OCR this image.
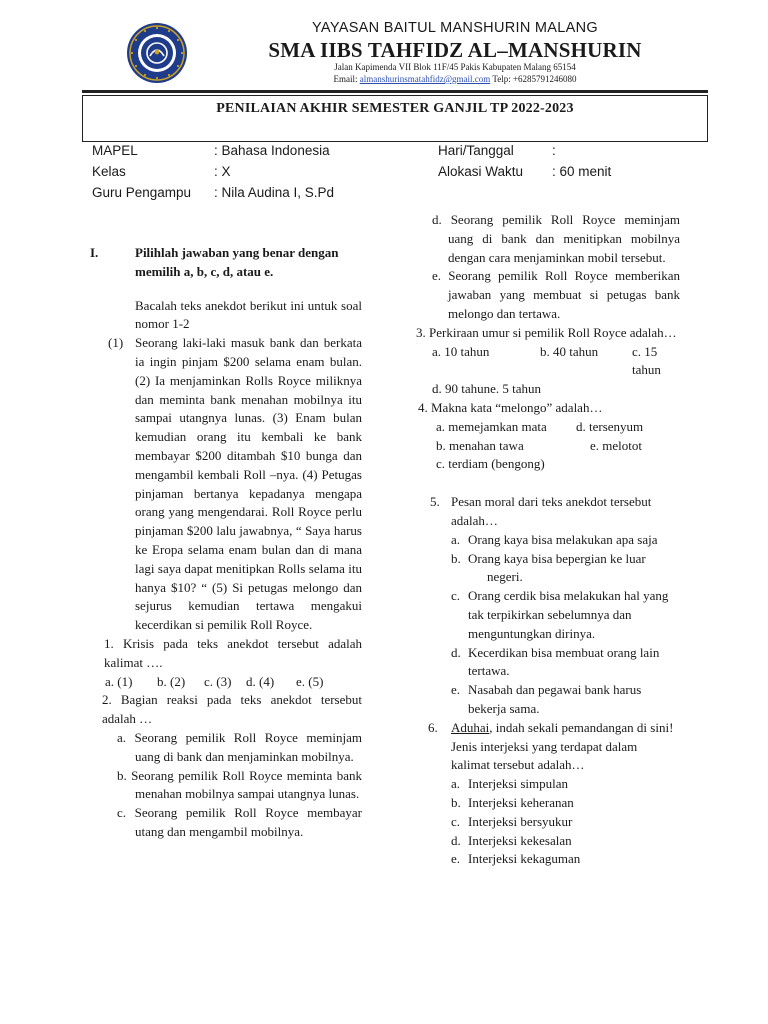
YAYASAN BAITUL MANSHURIN MALANG
SMA IIBS TAHFIDZ AL–MANSHURIN
Jalan Kapimenda VII Blok 11F/45 Pakis Kabupaten Malang 65154
Email: almanshurinsmatahfidz@gmail.com Telp: +6285791246080
PENILAIAN AKHIR SEMESTER GANJIL TP 2022-2023
MAPEL	: Bahasa Indonesia
Kelas	: X
Guru Pengampu : Nila Audina I, S.Pd
Hari/Tanggal	:
Alokasi Waktu : 60 menit
I.	Pilihlah jawaban yang benar dengan
memilih a, b, c, d, atau e.
Bacalah teks anekdot berikut ini untuk soal nomor 1-2
(1) Seorang laki-laki masuk bank dan berkata ia ingin pinjam $200 selama enam bulan. (2) Ia menjaminkan Rolls Royce miliknya dan meminta bank menahan mobilnya itu sampai utangnya lunas. (3) Enam bulan kemudian orang itu kembali ke bank membayar $200 ditambah $10 bunga dan mengambil kembali Roll –nya. (4) Petugas pinjaman bertanya kepadanya mengapa orang yang mengendarai. Roll Royce perlu pinjaman $200 lalu jawabnya, “ Saya harus ke Eropa selama enam bulan dan di mana lagi saya dapat menitipkan Rolls selama itu hanya $10? “ (5) Si petugas melongo dan sejurus kemudian tertawa mengakui kecerdikan si pemilik Roll Royce.
1. Krisis pada teks anekdot tersebut adalah kalimat ….
a. (1)	b. (2)	c. (3)	d. (4)	e. (5)
2. Bagian reaksi pada teks anekdot tersebut adalah …
a. Seorang pemilik Roll Royce meminjam uang di bank dan menjaminkan mobilnya.
b. Seorang pemilik Roll Royce meminta bank menahan mobilnya sampai utangnya lunas.
c. Seorang pemilik Roll Royce membayar utang dan mengambil mobilnya.
d. Seorang pemilik Roll Royce meminjam uang di bank dan menitipkan mobilnya dengan cara menjaminkan mobil tersebut.
e. Seorang pemilik Roll Royce memberikan jawaban yang membuat si petugas bank melongo dan tertawa.
3. Perkiraan umur si pemilik Roll Royce adalah…
a. 10 tahun	b. 40 tahun	c. 15 tahun
d. 90 tahune. 5 tahun
4. Makna kata “melongo” adalah…
a. memejamkan mata	d. tersenyum
b. menahan tawa	e. melotot
c. terdiam (bengong)
5. Pesan moral dari teks anekdot tersebut adalah…
a. Orang kaya bisa melakukan apa saja
b. Orang kaya bisa bepergian ke luar
negeri.
c. Orang cerdik bisa melakukan hal yang tak terpikirkan sebelumnya dan menguntungkan dirinya.
d. Kecerdikan bisa membuat orang lain tertawa.
e. Nasabah dan pegawai bank harus bekerja sama.
6.	Aduhai, indah sekali pemandangan di sini!
Jenis interjeksi yang terdapat dalam kalimat tersebut adalah…
a. Interjeksi simpulan
b. Interjeksi keheranan
c. Interjeksi bersyukur
d. Interjeksi kekesalan
e. Interjeksi kekaguman
